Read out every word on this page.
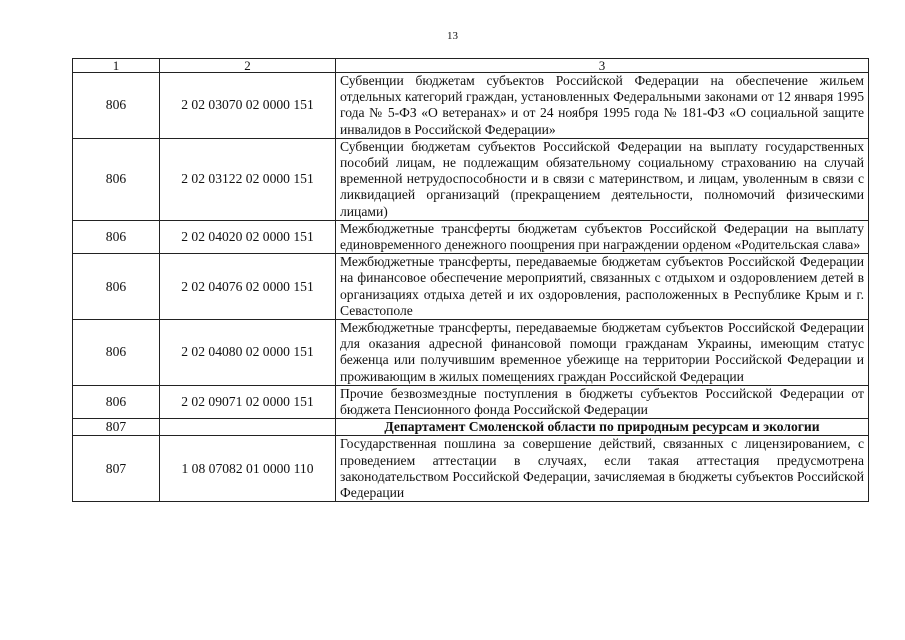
13
1	2	3
806	2 02 03070 02 0000 151	Субвенции бюджетам субъектов Российской Федерации на обеспечение жильем отдельных категорий граждан, установленных Федеральными законами от 12 января 1995 года № 5-ФЗ «О ветеранах» и от 24 ноября 1995 года № 181-ФЗ «О социальной защите инвалидов в Российской Федерации»
806	2 02 03122 02 0000 151	Субвенции бюджетам субъектов Российской Федерации на выплату государственных пособий лицам, не подлежащим обязательному социальному страхованию на случай временной нетрудоспособности и в связи с материнством, и лицам, уволенным в связи с ликвидацией организаций (прекращением деятельности, полномочий физическими лицами)
806	2 02 04020 02 0000 151	Межбюджетные трансферты бюджетам субъектов Российской Федерации на выплату единовременного денежного поощрения при награждении орденом «Родительская слава»
806	2 02 04076 02 0000 151	Межбюджетные трансферты, передаваемые бюджетам субъектов Российской Федерации на финансовое обеспечение мероприятий, связанных с отдыхом и оздоровлением детей в организациях отдыха детей и их оздоровления, расположенных в Республике Крым и г. Севастополе
806	2 02 04080 02 0000 151	Межбюджетные трансферты, передаваемые бюджетам субъектов Российской Федерации для оказания адресной финансовой помощи гражданам Украины, имеющим статус беженца или получившим временное убежище на территории Российской Федерации и проживающим в жилых помещениях граждан Российской Федерации
806	2 02 09071 02 0000 151	Прочие безвозмездные поступления в бюджеты субъектов Российской Федерации от бюджета Пенсионного фонда Российской Федерации
807		Департамент Смоленской области по природным ресурсам и экологии
807	1 08 07082 01 0000 110	Государственная пошлина за совершение действий, связанных с лицензированием, с проведением аттестации в случаях, если такая аттестация предусмотрена законодательством Российской Федерации, зачисляемая в бюджеты субъектов Российской Федерации
